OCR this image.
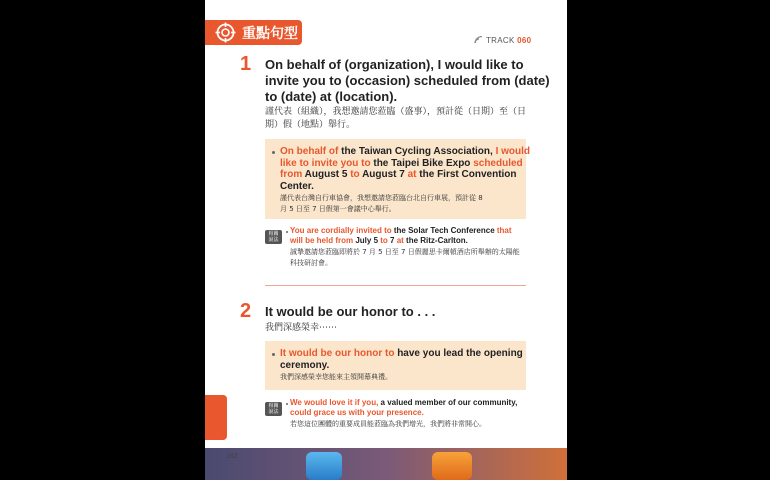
重點句型	TRACK 060
1 On behalf of (organization), I would like to
invite you to (occasion) scheduled from (date)
to (date) at (location).
謹代表（組織），我想邀請您蒞臨（盛事），預計從（日期）至（日
期）假（地點）舉行。
On behalf of the Taiwan Cycling Association, I would
like to invite you to the Taipei Bike Expo scheduled
from August 5 to August 7 at the First Convention
Center.
謹代表台灣自行車協會，我想邀請您蒞臨台北自行車展，預計從 8
月 5 日至 7 日假第一會議中心舉行。
相關
說法
You are cordially invited to the Solar Tech Conference that
will be held from July 5 to 7 at the Ritz-Carlton.
誠摯邀請您蒞臨即將於 7 月 5 日至 7 日假麗思卡爾頓酒店所舉辦的太陽能
科技研討會。
2 It would be our honor to . . .
我們深感榮幸⋯⋯
It would be our honor to have you lead the opening
ceremony.
我們深感榮幸您能來主領開幕典禮。
相關
說法
We would love it if you, a valued member of our community,
could grace us with your presence.
若您這位團體的重要成員能蒞臨為我們增光，我們將非常開心。
182
